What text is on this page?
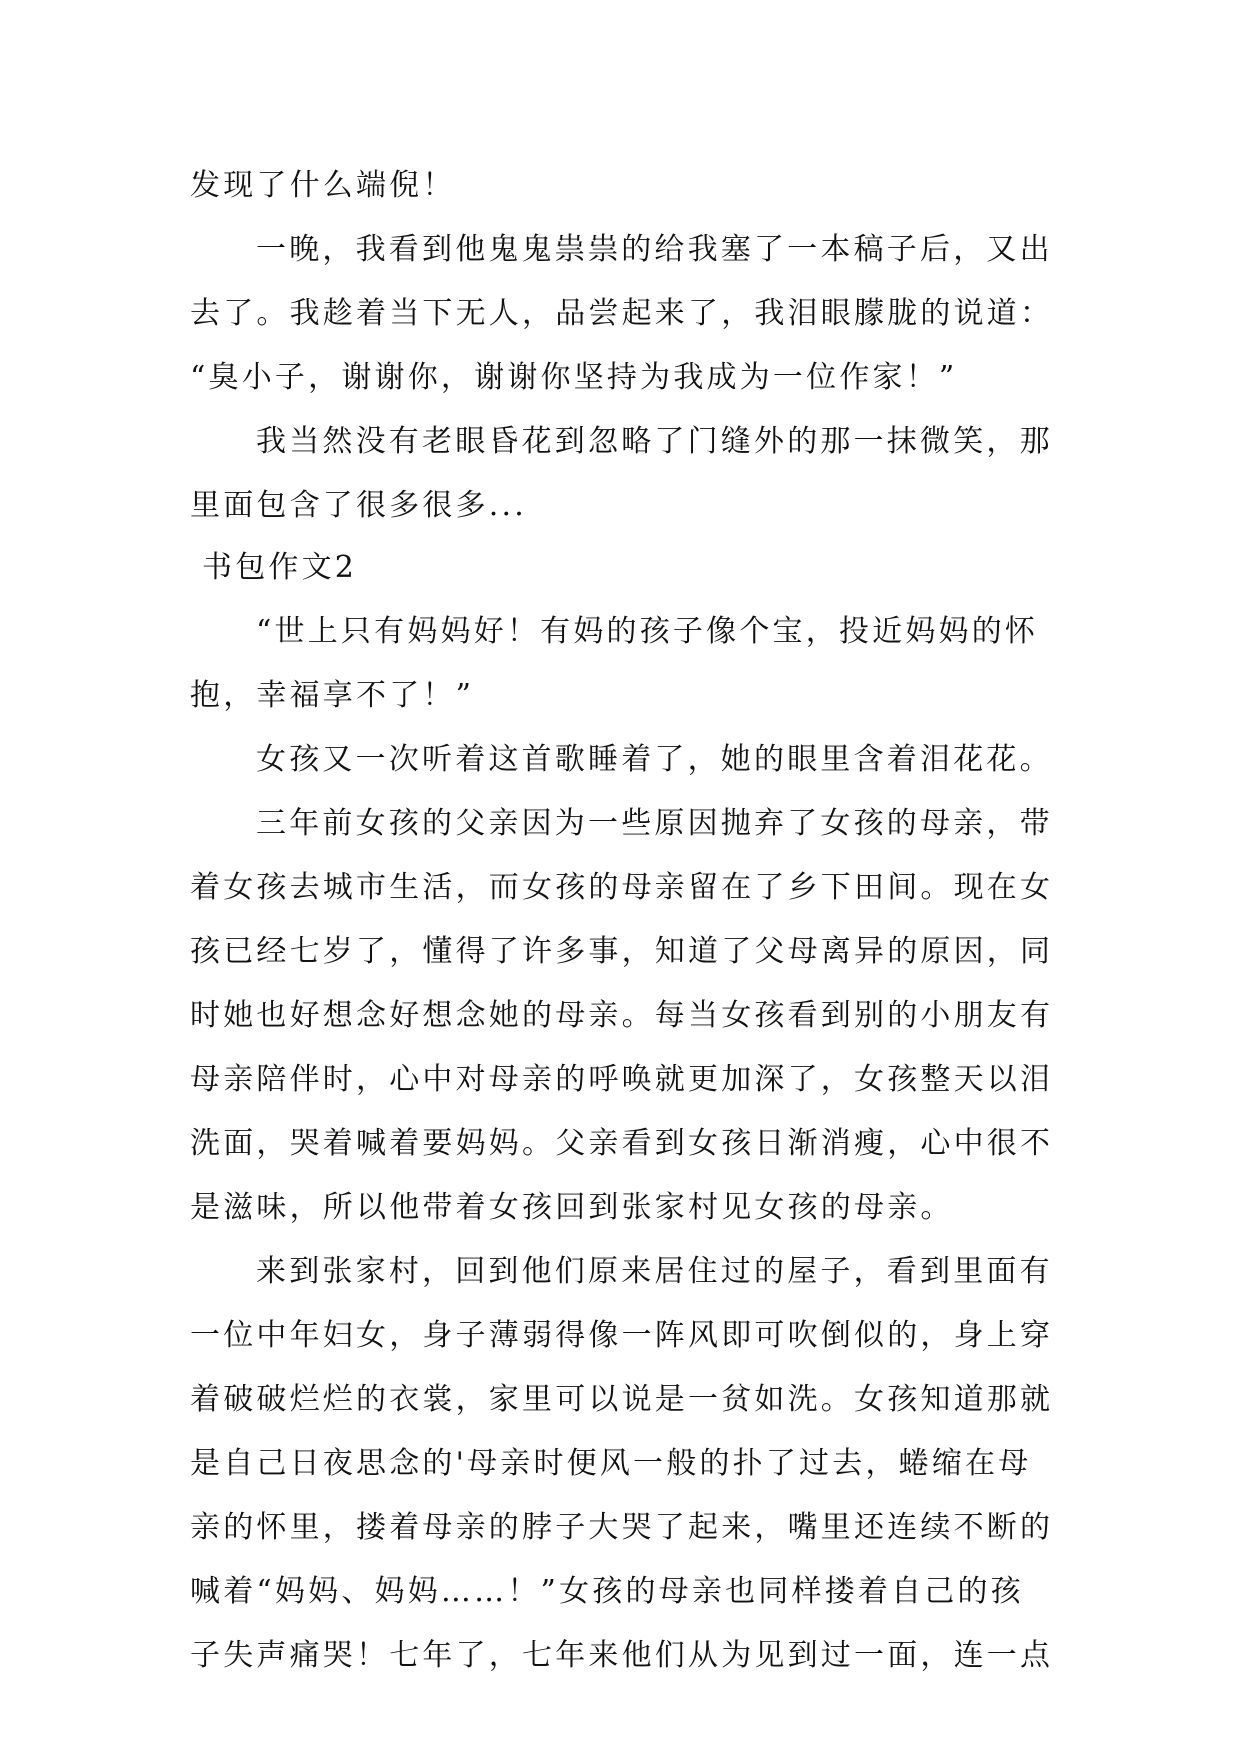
发现了什么端倪！
一晚，我看到他鬼鬼祟祟的给我塞了一本稿子后，又出
去了。我趁着当下无人，品尝起来了，我泪眼朦胧的说道：
“臭小子，谢谢你，谢谢你坚持为我成为一位作家！”
我当然没有老眼昏花到忽略了门缝外的那一抹微笑，那
里面包含了很多很多...
书包作文2
“世上只有妈妈好！有妈的孩子像个宝，投近妈妈的怀
抱，幸福享不了！”
女孩又一次听着这首歌睡着了，她的眼里含着泪花花。
三年前女孩的父亲因为一些原因抛弃了女孩的母亲，带
着女孩去城市生活，而女孩的母亲留在了乡下田间。现在女
孩已经七岁了，懂得了许多事，知道了父母离异的原因，同
时她也好想念好想念她的母亲。每当女孩看到别的小朋友有
母亲陪伴时，心中对母亲的呼唤就更加深了，女孩整天以泪
洗面，哭着喊着要妈妈。父亲看到女孩日渐消瘦，心中很不
是滋味，所以他带着女孩回到张家村见女孩的母亲。
来到张家村，回到他们原来居住过的屋子，看到里面有
一位中年妇女，身子薄弱得像一阵风即可吹倒似的，身上穿
着破破烂烂的衣裳，家里可以说是一贫如洗。女孩知道那就
是自己日夜思念的'母亲时便风一般的扑了过去，蜷缩在母
亲的怀里，搂着母亲的脖子大哭了起来，嘴里还连续不断的
喊着“妈妈、妈妈……！”女孩的母亲也同样搂着自己的孩
子失声痛哭！七年了，七年来他们从为见到过一面，连一点
